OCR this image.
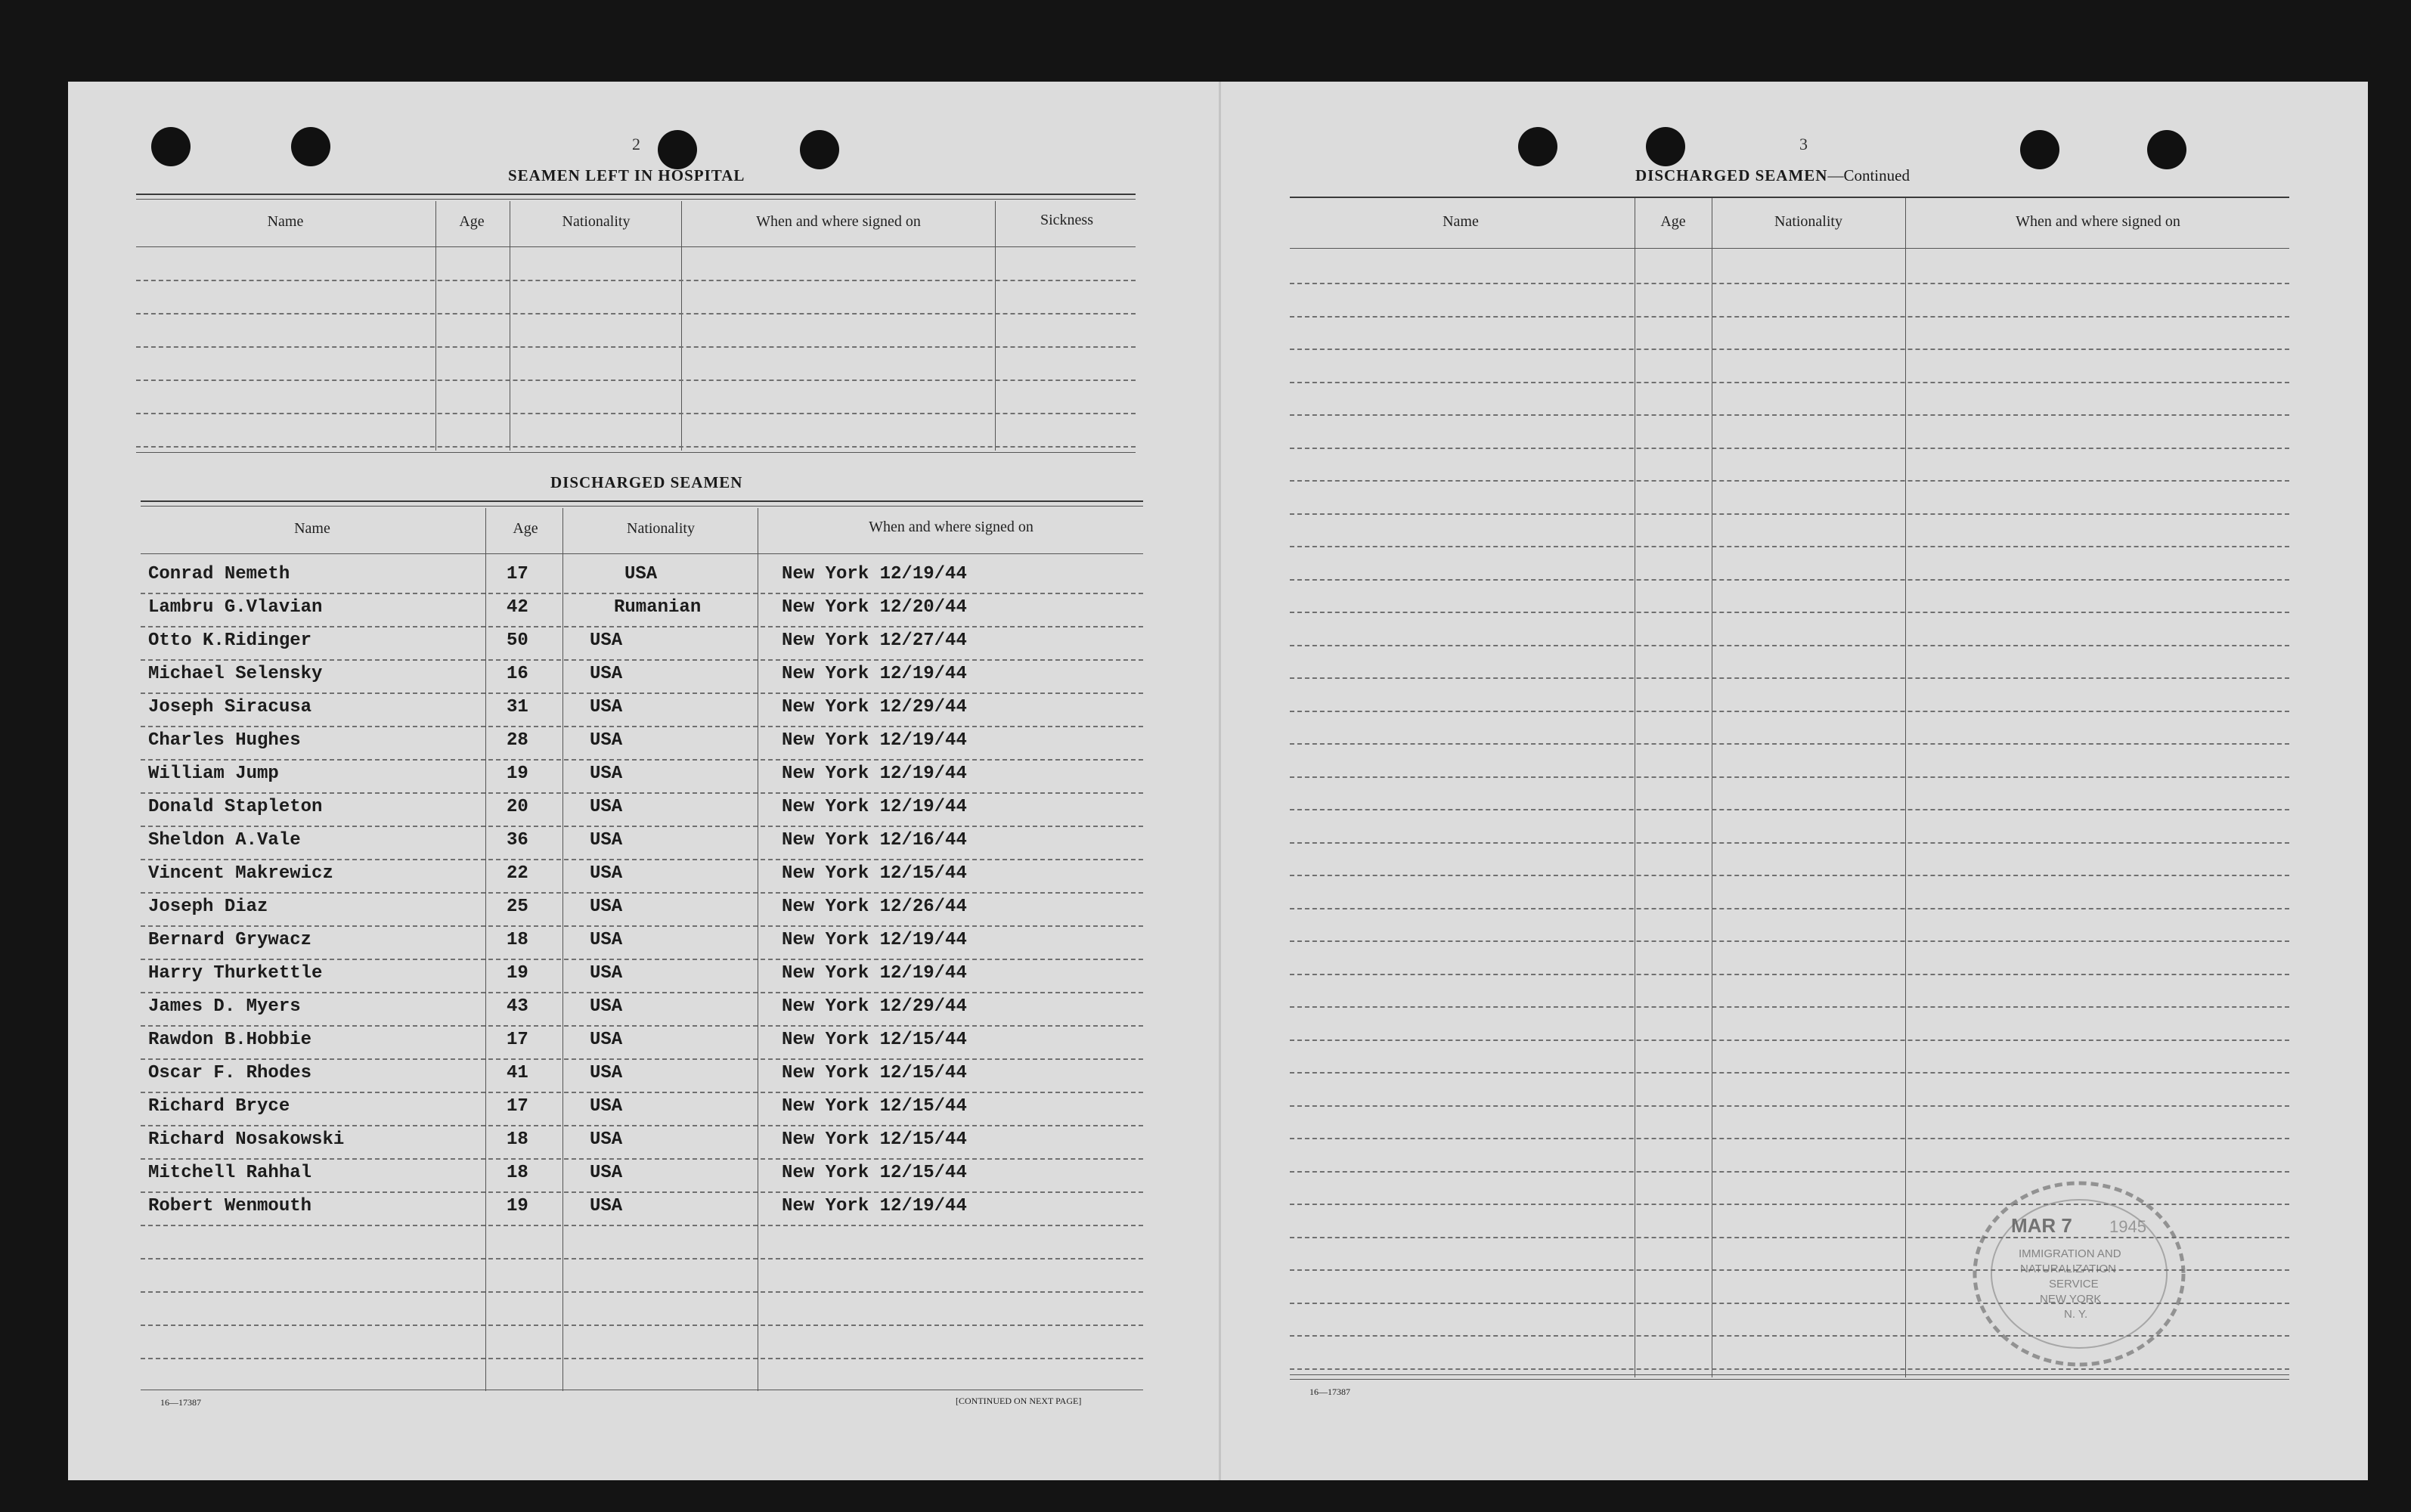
2
SEAMEN LEFT IN HOSPITAL
Name	Age	Nationality	When and where signed on	Sickness
DISCHARGED SEAMEN
Name	Age	Nationality	When and where signed on
Conrad Nemeth	17	USA	New York 12/19/44
Lambru G.Vlavian	42	Rumanian	New York 12/20/44
Otto K.Ridinger	50	USA	New York 12/27/44
Michael Selensky	16	USA	New York 12/19/44
Joseph Siracusa	31	USA	New York 12/29/44
Charles Hughes	28	USA	New York 12/19/44
William Jump	19	USA	New York 12/19/44
Donald Stapleton	20	USA	New York 12/19/44
Sheldon A.Vale	36	USA	New York 12/16/44
Vincent Makrewicz	22	USA	New York 12/15/44
Joseph Diaz	25	USA	New York 12/26/44
Bernard Grywacz	18	USA	New York 12/19/44
Harry Thurkettle	19	USA	New York 12/19/44
James D. Myers	43	USA	New York 12/29/44
Rawdon B.Hobbie	17	USA	New York 12/15/44
Oscar F. Rhodes	41	USA	New York 12/15/44
Richard Bryce	17	USA	New York 12/15/44
Richard Nosakowski	18	USA	New York 12/15/44
Mitchell Rahhal	18	USA	New York 12/15/44
Robert Wenmouth	19	USA	New York 12/19/44
16—17387	[CONTINUED ON NEXT PAGE]
3
DISCHARGED SEAMEN—Continued
Name	Age	Nationality	When and where signed on
16—17387
MAR 7 1945
IMMIGRATION AND
NATURALIZATION
SERVICE
NEW YORK
N. Y.
